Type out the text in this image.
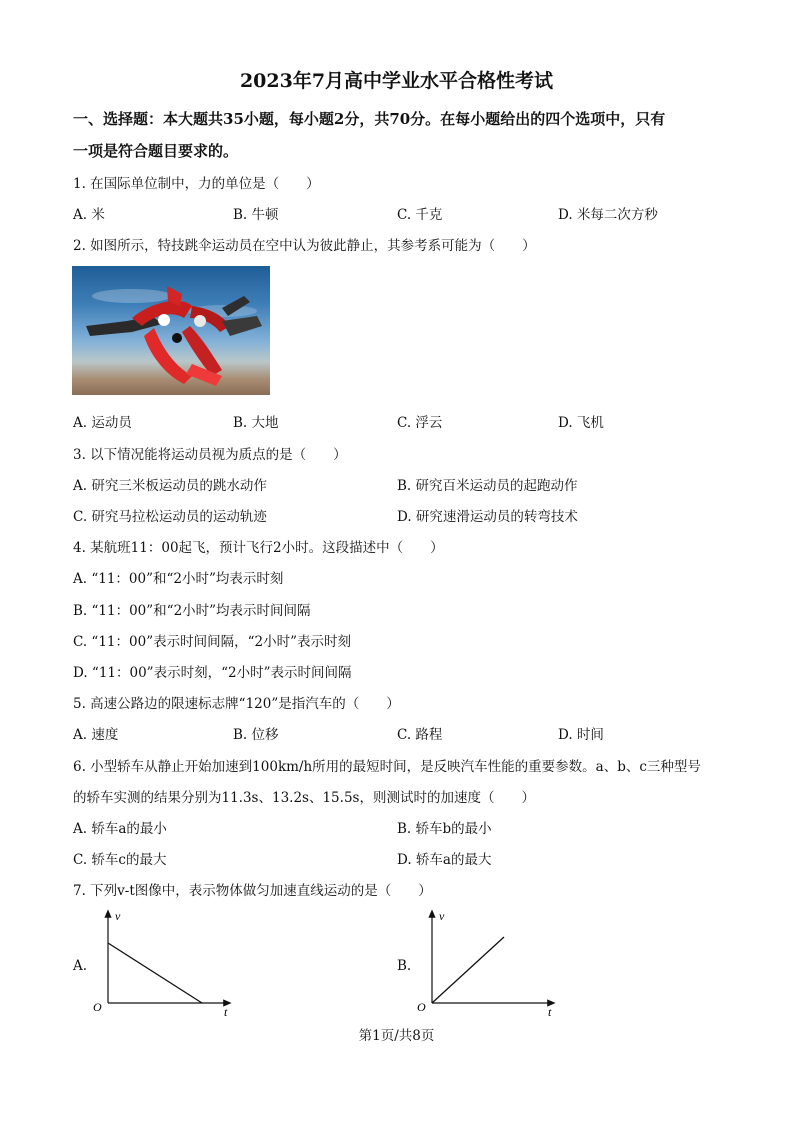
2023年7月高中学业水平合格性考试
一、选择题：本大题共35小题，每小题2分，共70分。在每小题给出的四个选项中，只有
一项是符合题目要求的。
1. 在国际单位制中，力的单位是（　　）
A. 米	B. 牛顿	C. 千克	D. 米每二次方秒
2. 如图所示，特技跳伞运动员在空中认为彼此静止，其参考系可能为（　　）
A. 运动员	B. 大地	C. 浮云	D. 飞机
3. 以下情况能将运动员视为质点的是（　　）
A. 研究三米板运动员的跳水动作	B. 研究百米运动员的起跑动作
C. 研究马拉松运动员的运动轨迹	D. 研究速滑运动员的转弯技术
4. 某航班11：00起飞，预计飞行2小时。这段描述中（　　）
A. “11：00”和“2小时”均表示时刻
B. “11：00”和“2小时”均表示时间间隔
C. “11：00”表示时间间隔，“2小时”表示时刻
D. “11：00”表示时刻，“2小时”表示时间间隔
5. 高速公路边的限速标志牌“120”是指汽车的（　　）
A. 速度	B. 位移	C. 路程	D. 时间
6. 小型轿车从静止开始加速到100km/h所用的最短时间，是反映汽车性能的重要参数。a、b、c三种型号
的轿车实测的结果分别为11.3s、13.2s、15.5s，则测试时的加速度（　　）
A. 轿车a的最小	B. 轿车b的最小
C. 轿车c的最大	D. 轿车a的最大
7. 下列v-t图像中，表示物体做匀加速直线运动的是（　　）
A.	B.
v
t
O
v
t
O
第1页/共8页
